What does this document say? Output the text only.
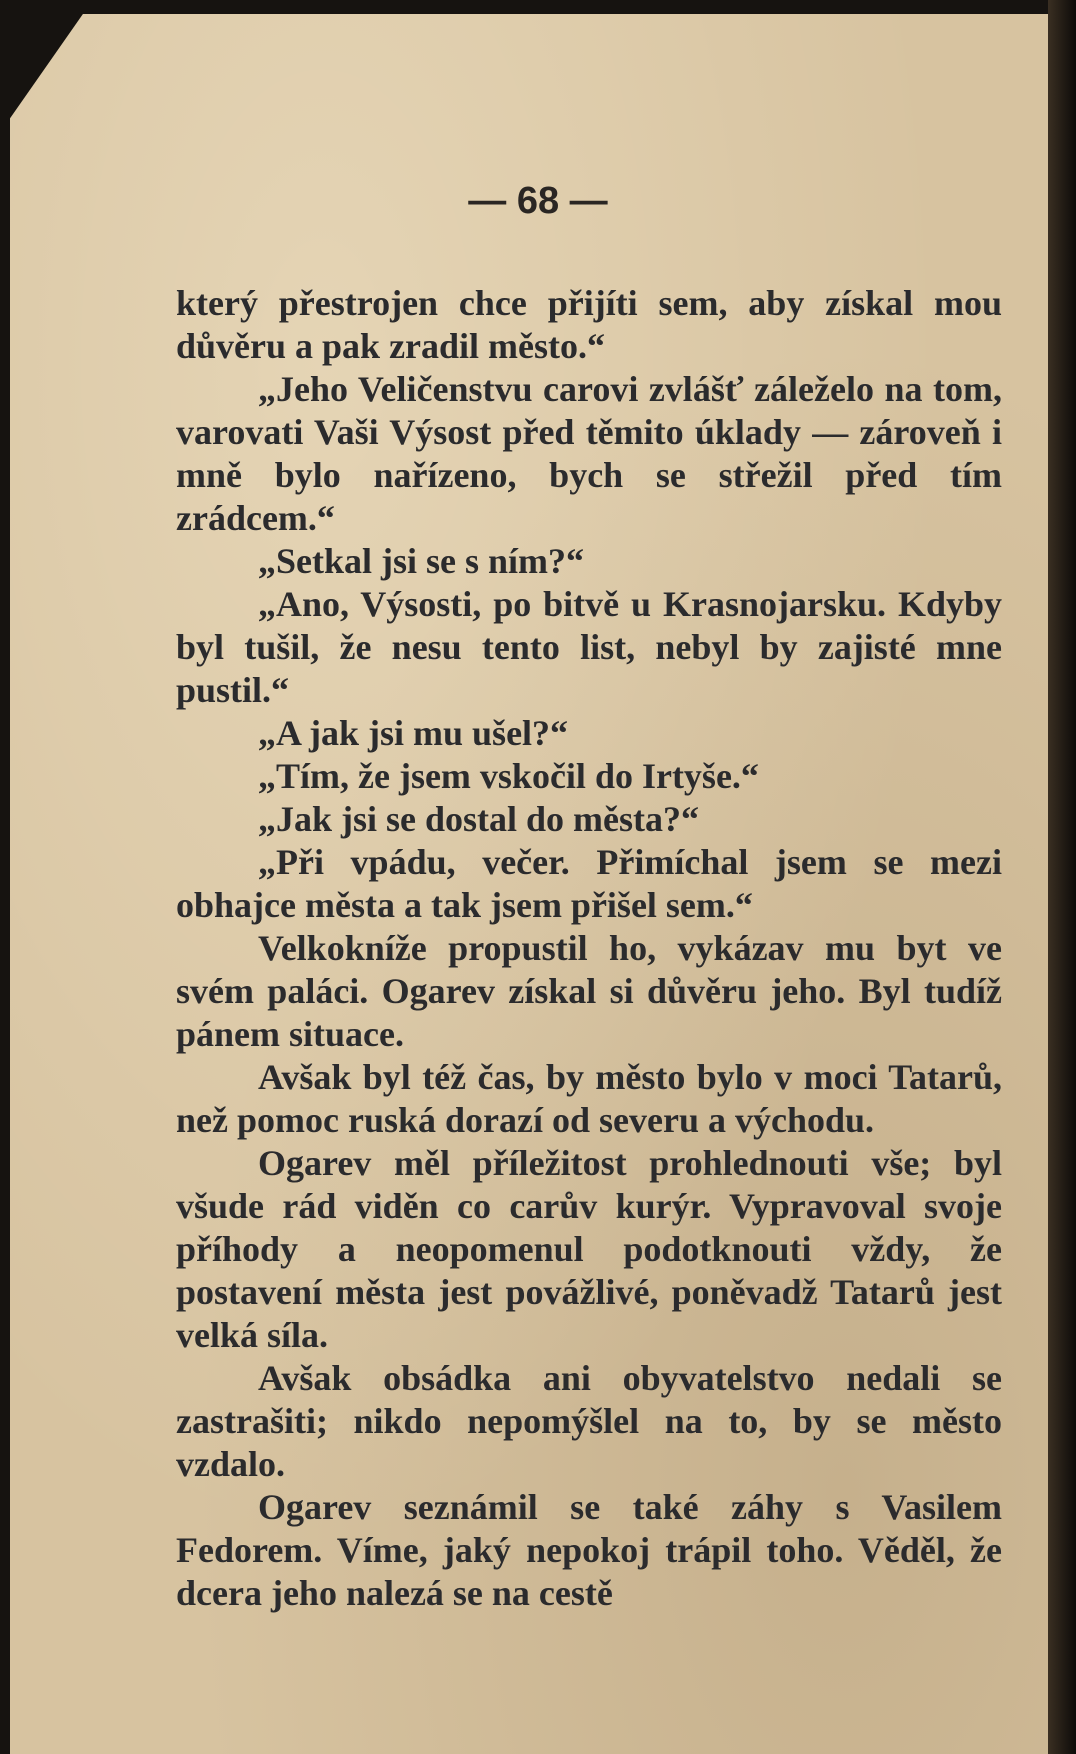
— 68 —

který přestrojen chce přijíti sem, aby získal mou důvěru a pak zradil město.“

„Jeho Veličenstvu carovi zvlášť záleželo na tom, varovati Vaši Výsost před těmito úklady — zároveň i mně bylo nařízeno, bych se střežil před tím zrádcem.“

„Setkal jsi se s ním?“

„Ano, Výsosti, po bitvě u Krasnojarsku. Kdyby byl tušil, že nesu tento list, nebyl by zajisté mne pustil.“

„A jak jsi mu ušel?“

„Tím, že jsem vskočil do Irtyše.“

„Jak jsi se dostal do města?“

„Při vpádu, večer. Přimíchal jsem se mezi obhajce města a tak jsem přišel sem.“

Velkokníže propustil ho, vykázav mu byt ve svém paláci. Ogarev získal si důvěru jeho. Byl tudíž pánem situace.

Avšak byl též čas, by město bylo v moci Tatarů, než pomoc ruská dorazí od severu a východu.

Ogarev měl příležitost prohlednouti vše; byl všude rád viděn co carův kurýr. Vypravoval svoje příhody a neopomenul podotknouti vždy, že postavení města jest povážlivé, poněvadž Tatarů jest velká síla.

Avšak obsádka ani obyvatelstvo nedali se zastrašiti; nikdo nepomýšlel na to, by se město vzdalo.

Ogarev seznámil se také záhy s Vasilem Fedorem. Víme, jaký nepokoj trápil toho. Věděl, že dcera jeho nalezá se na cestě
